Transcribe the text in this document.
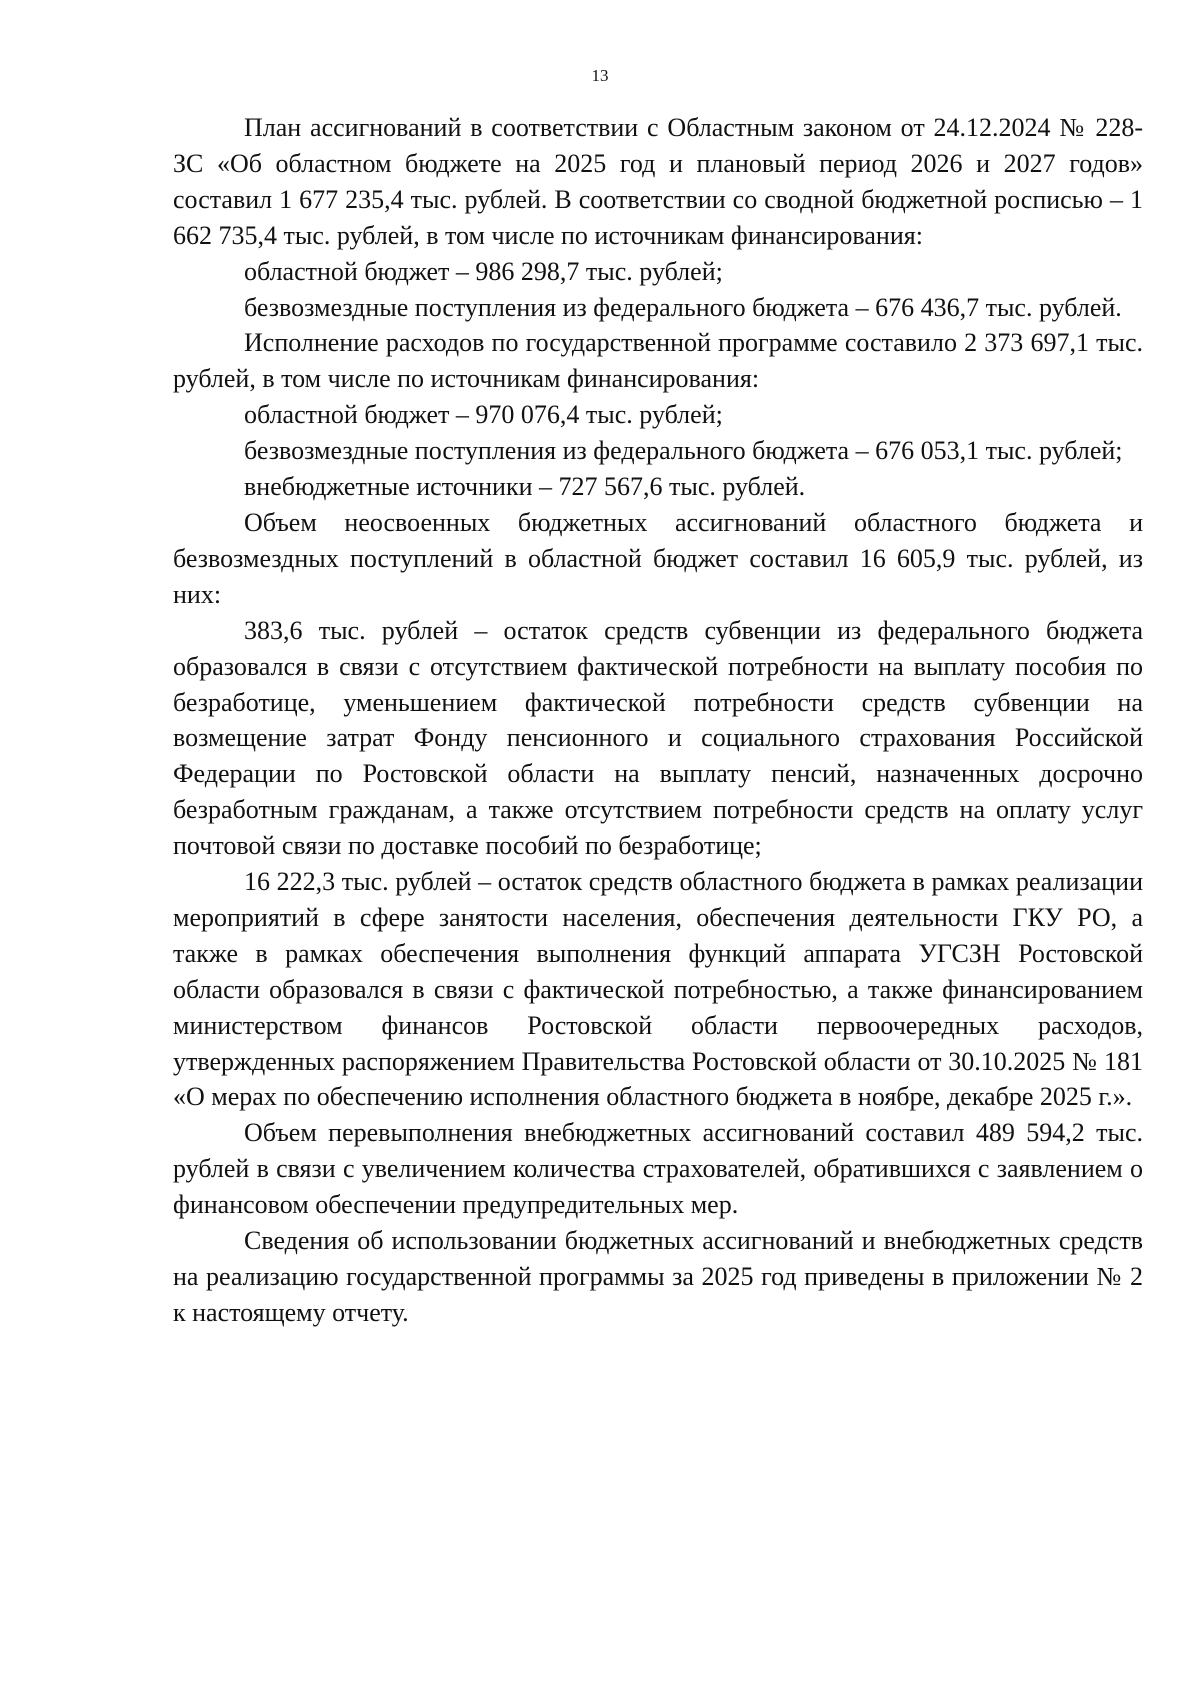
13

План ассигнований в соответствии с Областным законом от 24.12.2024 № 228-ЗС «Об областном бюджете на 2025 год и плановый период 2026 и 2027 годов» составил 1 677 235,4 тыс. рублей. В соответствии со сводной бюджетной росписью – 1 662 735,4 тыс. рублей, в том числе по источникам финансирования:

областной бюджет – 986 298,7 тыс. рублей;

безвозмездные поступления из федерального бюджета – 676 436,7 тыс. рублей.

Исполнение расходов по государственной программе составило 2 373 697,1 тыс. рублей, в том числе по источникам финансирования:

областной бюджет – 970 076,4 тыс. рублей;

безвозмездные поступления из федерального бюджета – 676 053,1 тыс. рублей;

внебюджетные источники – 727 567,6 тыс. рублей.

Объем неосвоенных бюджетных ассигнований областного бюджета и безвозмездных поступлений в областной бюджет составил 16 605,9 тыс. рублей, из них:

383,6 тыс. рублей – остаток средств субвенции из федерального бюджета образовался в связи с отсутствием фактической потребности на выплату пособия по безработице, уменьшением фактической потребности средств субвенции на возмещение затрат Фонду пенсионного и социального страхования Российской Федерации по Ростовской области на выплату пенсий, назначенных досрочно безработным гражданам, а также отсутствием потребности средств на оплату услуг почтовой связи по доставке пособий по безработице;

16 222,3 тыс. рублей – остаток средств областного бюджета в рамках реализации мероприятий в сфере занятости населения, обеспечения деятельности ГКУ РО, а также в рамках обеспечения выполнения функций аппарата УГСЗН Ростовской области образовался в связи с фактической потребностью, а также финансированием министерством финансов Ростовской области первоочередных расходов, утвержденных распоряжением Правительства Ростовской области от 30.10.2025 № 181 «О мерах по обеспечению исполнения областного бюджета в ноябре, декабре 2025 г.».

Объем перевыполнения внебюджетных ассигнований составил 489 594,2 тыс. рублей в связи с увеличением количества страхователей, обратившихся с заявлением о финансовом обеспечении предупредительных мер.

Сведения об использовании бюджетных ассигнований и внебюджетных средств на реализацию государственной программы за 2025 год приведены в приложении № 2 к настоящему отчету.
